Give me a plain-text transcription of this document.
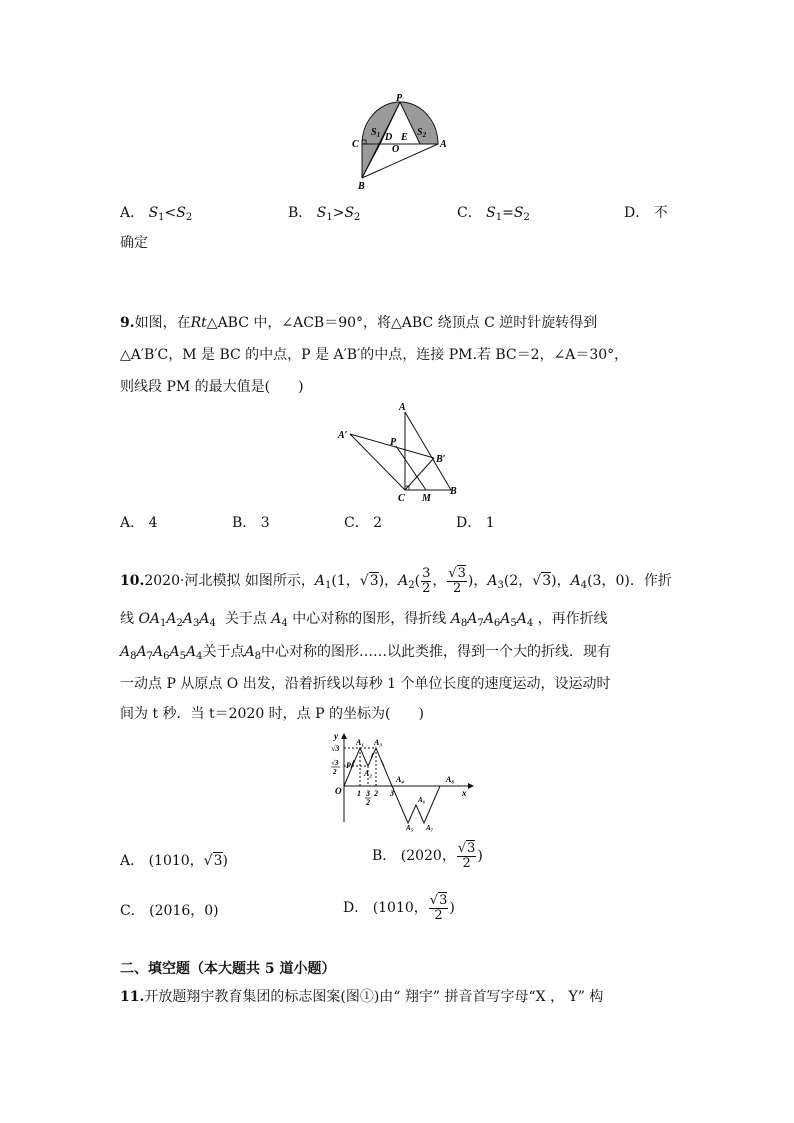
P
C
$S_1$ D E $S_2$
A
O
B
A． $S_1<S_2$	B． $S_1>S_2$	C． $S_1=S_2$	D． 不
确定
9.如图，在Rt△ABC 中，∠ACB＝90°，将△ABC 绕顶点 C 逆时针旋转得到
△A′B′C，M 是 BC 的中点，P 是 A′B′的中点，连接 PM.若 BC＝2，∠A＝30°，
则线段 PM 的最大值是(　　)
A
A′
P
B′
C M
B
A． 4	B． 3	C． 2	D． 1
10.2020·河北模拟 如图所示，$A_1(1$，√3)，$A_2( \frac{3}{2}$ ， $\frac{√3}{2}$ )，$A_3(2$，√3)，$A_4(3$，0)．作折
线 $OA_1A_2A_3A_4$ 关于点 $A_4$ 中心对称的图形，得折线 $A_8A_7A_6A_5A_4$ ，再作折线
$A_8A_7A_6A_5A_4$关于点$A_8$中心对称的图形……以此类推，得到一个大的折线．现有
一动点 P 从原点 O 出发，沿着折线以每秒 1 个单位长度的速度运动，设运动时
间为 t 秒．当 t＝2020 时，点 P 的坐标为(　　)
y
x
O
A₁
A₂
A₃
A₄
A₅
A₆
A₇
A₈
P
1 3
2
2 3
√3
√3
2
A． (1010，√3)	B． (2020， $\frac{√3}{2}$ )
C． (2016，0)	D． (1010， $\frac{√3}{2}$ )
二、填空题（本大题共 5 道小题）
11.开放题翔宇教育集团的标志图案(图①)由“ 翔宇” 拼音首写字母“X ， Y” 构
